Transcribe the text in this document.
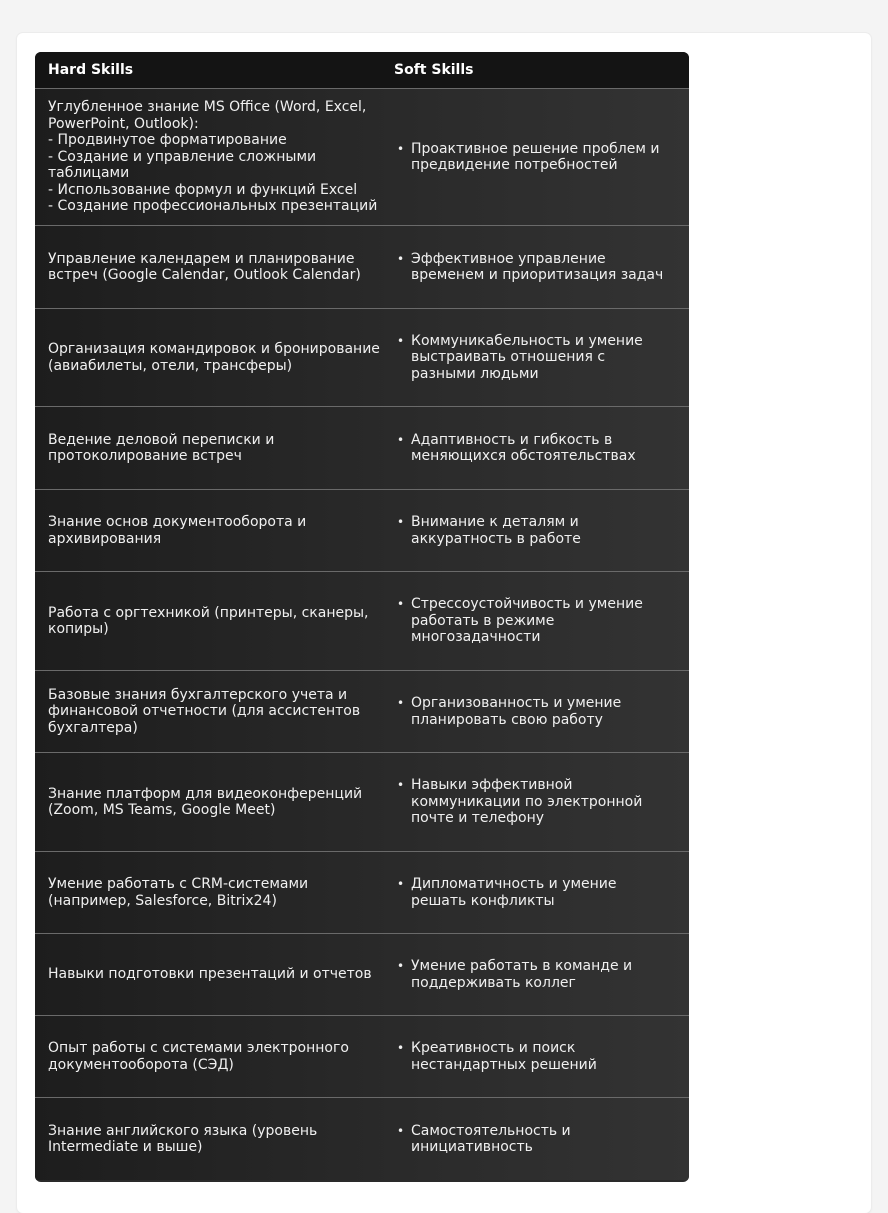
Hard Skills	Soft Skills
Углубленное знание MS Office (Word, Excel,
PowerPoint, Outlook):
- Продвинутое форматирование
- Создание и управление сложными
таблицами
- Использование формул и функций Excel
- Создание профессиональных презентаций
• Проактивное решение проблем и
предвидение потребностей
Управление календарем и планирование
встреч (Google Calendar, Outlook Calendar)
• Эффективное управление
временем и приоритизация задач
Организация командировок и бронирование
(авиабилеты, отели, трансферы)
• Коммуникабельность и умение
выстраивать отношения с
разными людьми
Ведение деловой переписки и
протоколирование встреч
• Адаптивность и гибкость в
меняющихся обстоятельствах
Знание основ документооборота и
архивирования
• Внимание к деталям и
аккуратность в работе
Работа с оргтехникой (принтеры, сканеры,
копиры)
• Стрессоустойчивость и умение
работать в режиме
многозадачности
Базовые знания бухгалтерского учета и
финансовой отчетности (для ассистентов
бухгалтера)
• Организованность и умение
планировать свою работу
Знание платформ для видеоконференций
(Zoom, MS Teams, Google Meet)
• Навыки эффективной
коммуникации по электронной
почте и телефону
Умение работать с CRM-системами
(например, Salesforce, Bitrix24)
• Дипломатичность и умение
решать конфликты
Навыки подготовки презентаций и отчетов
• Умение работать в команде и
поддерживать коллег
Опыт работы с системами электронного
документооборота (СЭД)
• Креативность и поиск
нестандартных решений
Знание английского языка (уровень
Intermediate и выше)
• Самостоятельность и
инициативность
